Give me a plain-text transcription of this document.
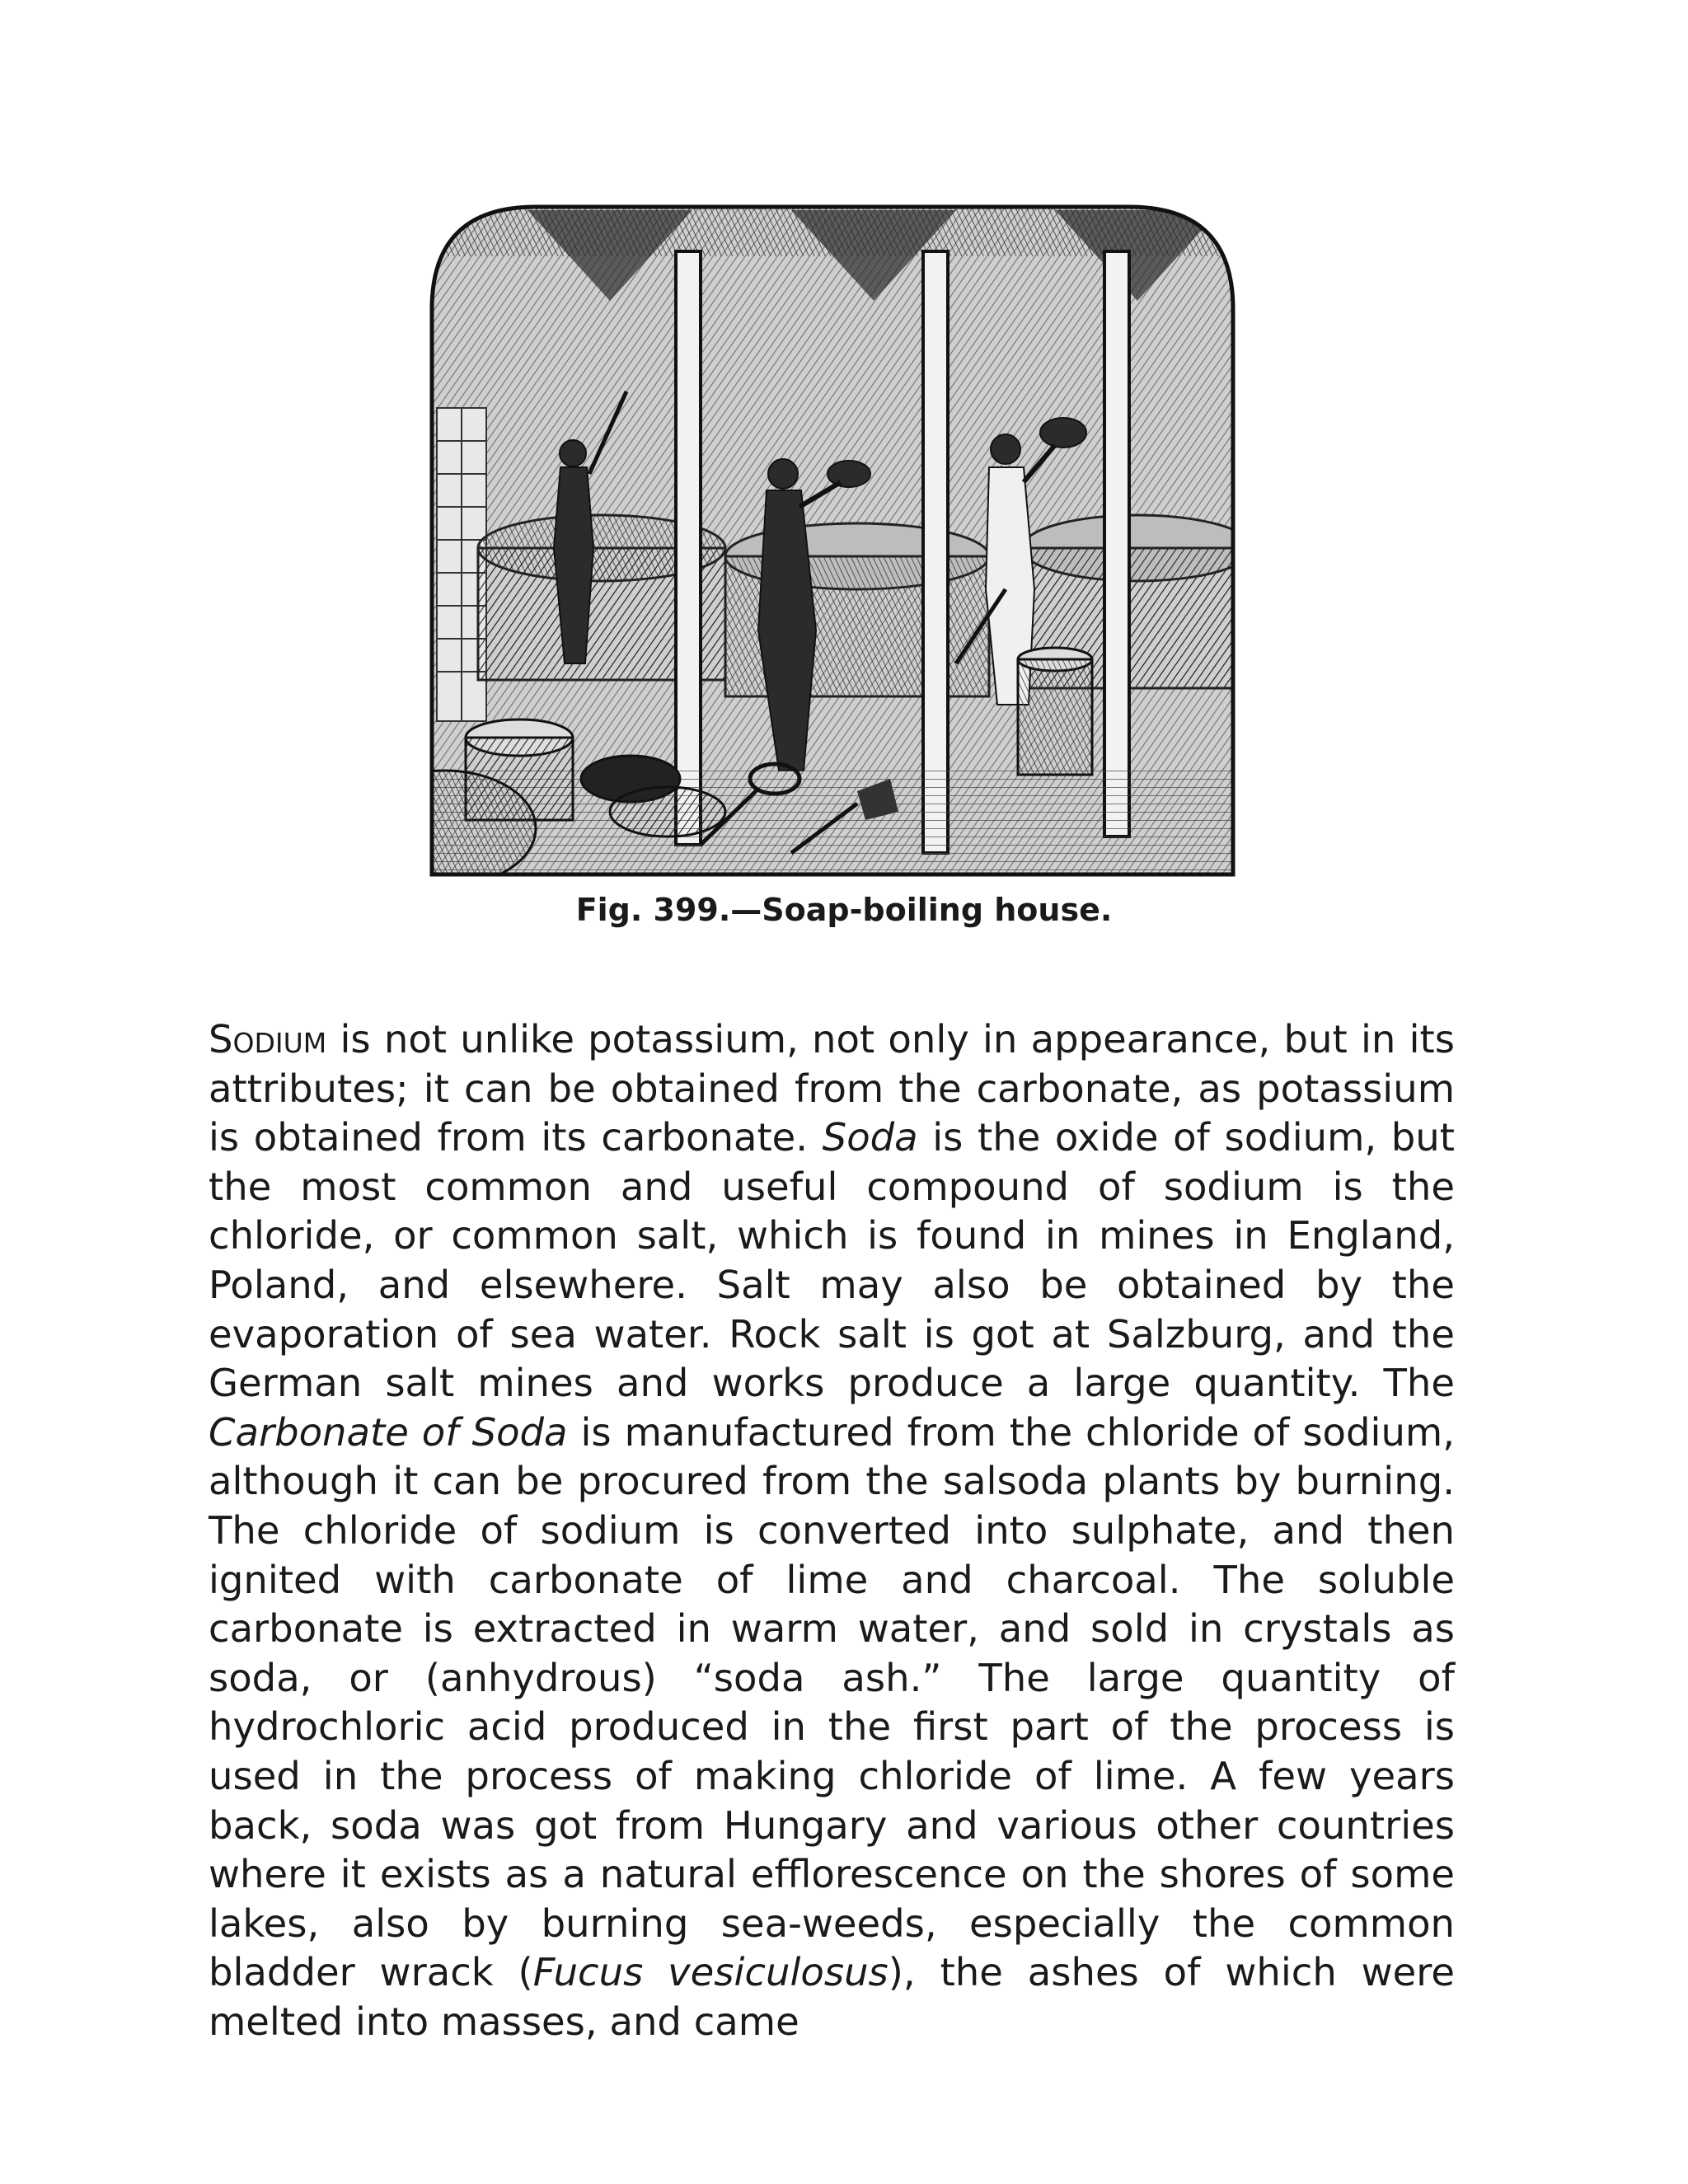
Fig. 399.—Soap-boiling house.

Sodium is not unlike potassium, not only in appearance, but in its attributes; it can be obtained from the carbonate, as potassium is obtained from its carbonate. Soda is the oxide of sodium, but the most common and useful compound of sodium is the chloride, or common salt, which is found in mines in England, Poland, and elsewhere. Salt may also be obtained by the evaporation of sea water. Rock salt is got at Salzburg, and the German salt mines and works produce a large quantity. The Carbonate of Soda is manufactured from the chloride of sodium, although it can be procured from the salsoda plants by burning. The chloride of sodium is converted into sulphate, and then ignited with carbonate of lime and charcoal. The soluble carbonate is extracted in warm water, and sold in crystals as soda, or (anhydrous) “soda ash.” The large quantity of hydrochloric acid produced in the first part of the process is used in the process of making chloride of lime. A few years back, soda was got from Hungary and various other countries where it exists as a natural efflorescence on the shores of some lakes, also by burning sea-weeds, especially the common bladder wrack (Fucus vesiculosus), the ashes of which were melted into masses, and came
